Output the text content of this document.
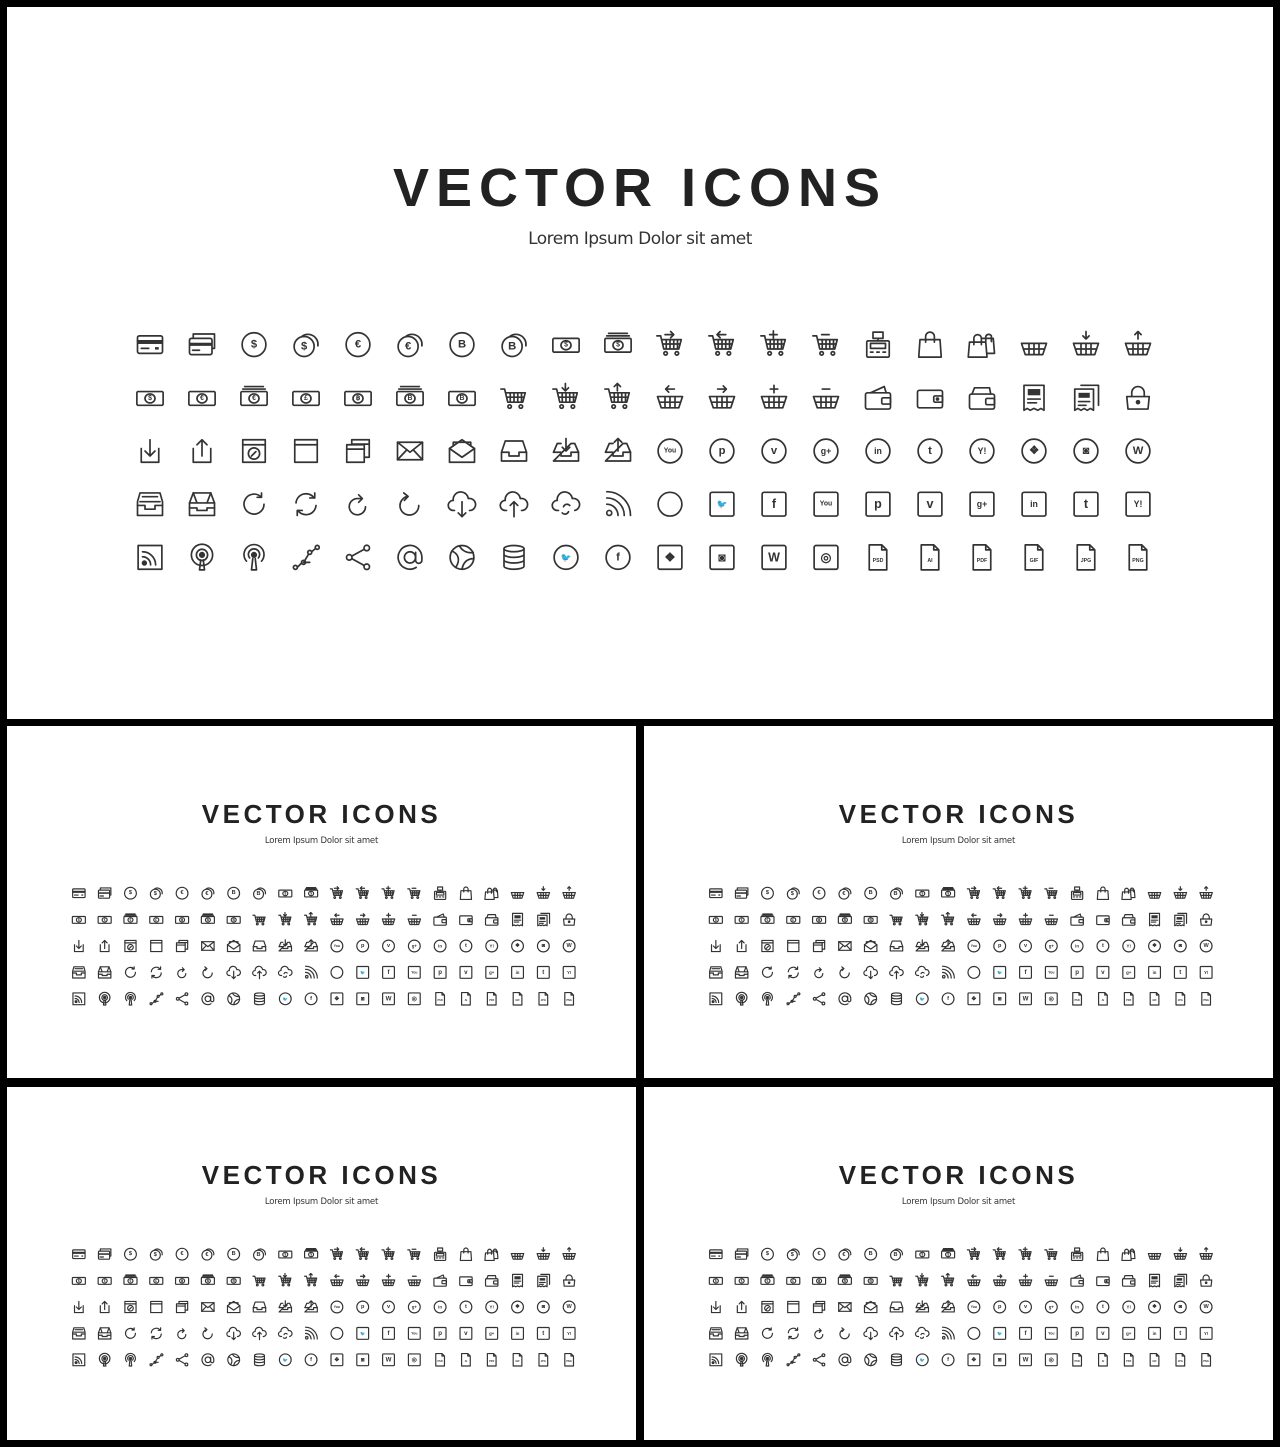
VECTOR ICONS

Lorem Ipsum Dolor sit amet

$	$	€	€	B	B	$	$
$	€	€	£	฿	B	B
You	p	v	g+	in	t	Y!	❖	◙	W
🐦	f	You	p	v	g+	in	t	Y!
🐦	f	❖	◙	W	◎	PSD	AI	PDF	GIF	JPG	PNG
VECTOR ICONS

Lorem Ipsum Dolor sit amet

$ $	€ €	B B	$	$
$	€	€	£	฿	B	B
You p	v	g+	in	t	Y! ❖ ◙ W
🐦 f	You p v	g+	in t	Y!
🐦 f ❖ ◙ W ◎	PSD	AI	PDF	GIF	JPG	PNG
VECTOR ICONS

Lorem Ipsum Dolor sit amet

$ $	€ €	B B	$	$
$	€	€	£	฿	B	B
You p	v	g+	in	t	Y! ❖ ◙ W
🐦 f	You p v	g+	in t	Y!
🐦 f ❖ ◙ W ◎	PSD	AI	PDF	GIF	JPG	PNG
VECTOR ICONS

Lorem Ipsum Dolor sit amet

$ $	€ €	B B	$	$
$	€	€	£	฿	B	B
You p	v	g+	in	t	Y! ❖ ◙ W
🐦 f	You p v	g+	in t	Y!
🐦 f ❖ ◙ W ◎	PSD	AI	PDF	GIF	JPG	PNG
VECTOR ICONS

Lorem Ipsum Dolor sit amet

$ $	€ €	B B	$	$
$	€	€	£	฿	B	B
You p	v	g+	in	t	Y! ❖ ◙ W
🐦 f	You p v	g+	in t	Y!
🐦 f ❖ ◙ W ◎	PSD	AI	PDF	GIF	JPG	PNG
